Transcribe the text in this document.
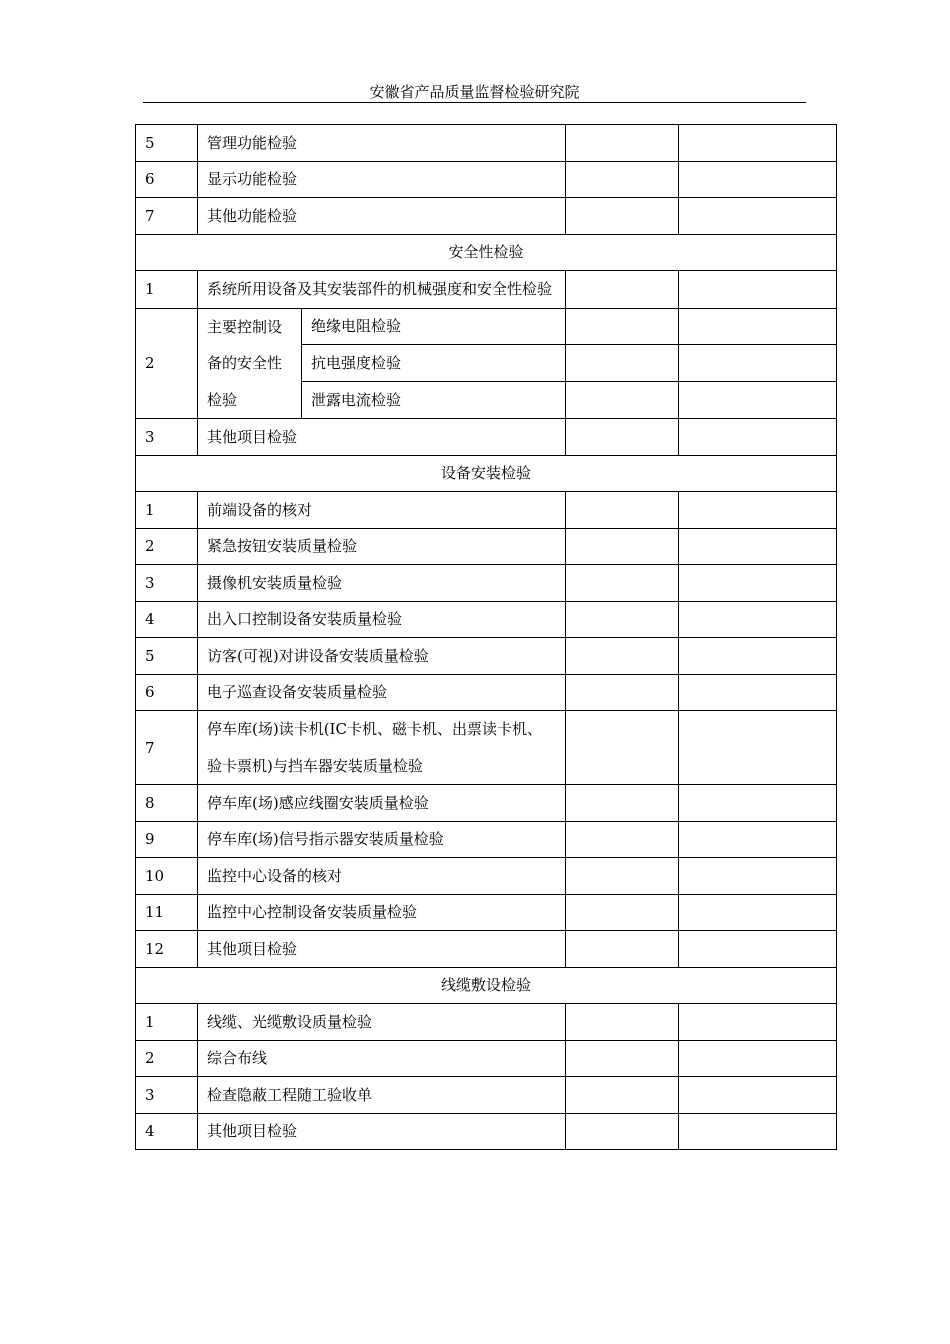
安徽省产品质量监督检验研究院
5	管理功能检验			
6	显示功能检验			
7	其他功能检验			
安全性检验				
1	系统所用设备及其安装部件的机械强度和安全性检验			
2	主要控制设备的安全性检验	绝缘电阻检验		
		抗电强度检验		
		泄露电流检验		
3	其他项目检验			
设备安装检验				
1	前端设备的核对			
2	紧急按钮安装质量检验			
3	摄像机安装质量检验			
4	出入口控制设备安装质量检验			
5	访客(可视)对讲设备安装质量检验			
6	电子巡查设备安装质量检验			
7	停车库(场)读卡机(IC卡机、磁卡机、出票读卡机、验卡票机)与挡车器安装质量检验			
8	停车库(场)感应线圈安装质量检验			
9	停车库(场)信号指示器安装质量检验			
10	监控中心设备的核对			
11	监控中心控制设备安装质量检验			
12	其他项目检验			
线缆敷设检验				
1	线缆、光缆敷设质量检验			
2	综合布线			
3	检查隐蔽工程随工验收单			
4	其他项目检验			
